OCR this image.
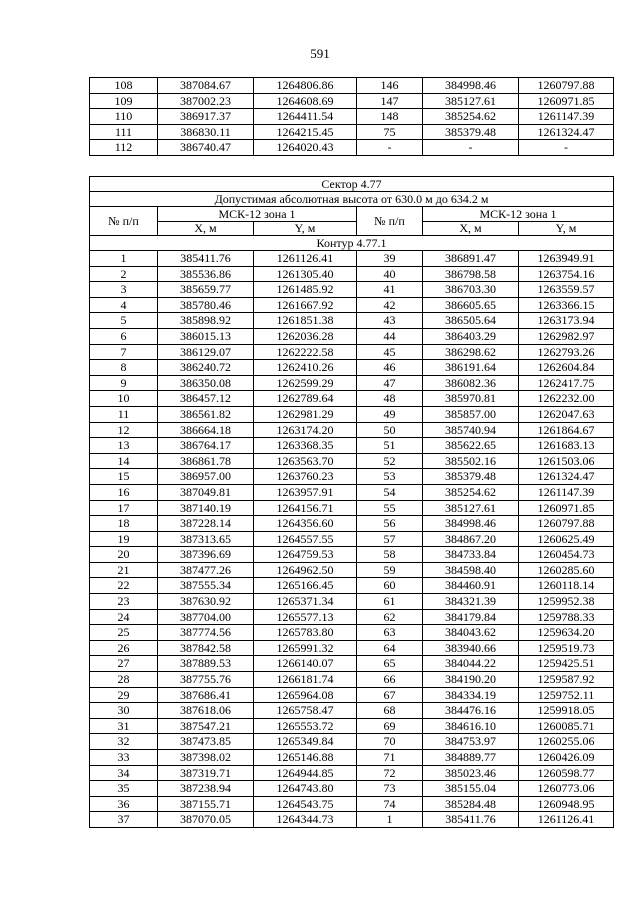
591
108	387084.67	1264806.86	146	384998.46	1260797.88
109	387002.23	1264608.69	147	385127.61	1260971.85
110	386917.37	1264411.54	148	385254.62	1261147.39
111	386830.11	1264215.45	75	385379.48	1261324.47
112	386740.47	1264020.43	-	-	-
Сектор 4.77					
Допустимая абсолютная высота от 630.0 м до 634.2 м					
№ п/п	МСК-12 зона 1		№ п/п	МСК-12 зона 1	
	X, м	Y, м		X, м	Y, м
Контур 4.77.1					
1	385411.76	1261126.41	39	386891.47	1263949.91
2	385536.86	1261305.40	40	386798.58	1263754.16
3	385659.77	1261485.92	41	386703.30	1263559.57
4	385780.46	1261667.92	42	386605.65	1263366.15
5	385898.92	1261851.38	43	386505.64	1263173.94
6	386015.13	1262036.28	44	386403.29	1262982.97
7	386129.07	1262222.58	45	386298.62	1262793.26
8	386240.72	1262410.26	46	386191.64	1262604.84
9	386350.08	1262599.29	47	386082.36	1262417.75
10	386457.12	1262789.64	48	385970.81	1262232.00
11	386561.82	1262981.29	49	385857.00	1262047.63
12	386664.18	1263174.20	50	385740.94	1261864.67
13	386764.17	1263368.35	51	385622.65	1261683.13
14	386861.78	1263563.70	52	385502.16	1261503.06
15	386957.00	1263760.23	53	385379.48	1261324.47
16	387049.81	1263957.91	54	385254.62	1261147.39
17	387140.19	1264156.71	55	385127.61	1260971.85
18	387228.14	1264356.60	56	384998.46	1260797.88
19	387313.65	1264557.55	57	384867.20	1260625.49
20	387396.69	1264759.53	58	384733.84	1260454.73
21	387477.26	1264962.50	59	384598.40	1260285.60
22	387555.34	1265166.45	60	384460.91	1260118.14
23	387630.92	1265371.34	61	384321.39	1259952.38
24	387704.00	1265577.13	62	384179.84	1259788.33
25	387774.56	1265783.80	63	384043.62	1259634.20
26	387842.58	1265991.32	64	383940.66	1259519.73
27	387889.53	1266140.07	65	384044.22	1259425.51
28	387755.76	1266181.74	66	384190.20	1259587.92
29	387686.41	1265964.08	67	384334.19	1259752.11
30	387618.06	1265758.47	68	384476.16	1259918.05
31	387547.21	1265553.72	69	384616.10	1260085.71
32	387473.85	1265349.84	70	384753.97	1260255.06
33	387398.02	1265146.88	71	384889.77	1260426.09
34	387319.71	1264944.85	72	385023.46	1260598.77
35	387238.94	1264743.80	73	385155.04	1260773.06
36	387155.71	1264543.75	74	385284.48	1260948.95
37	387070.05	1264344.73	1	385411.76	1261126.41
